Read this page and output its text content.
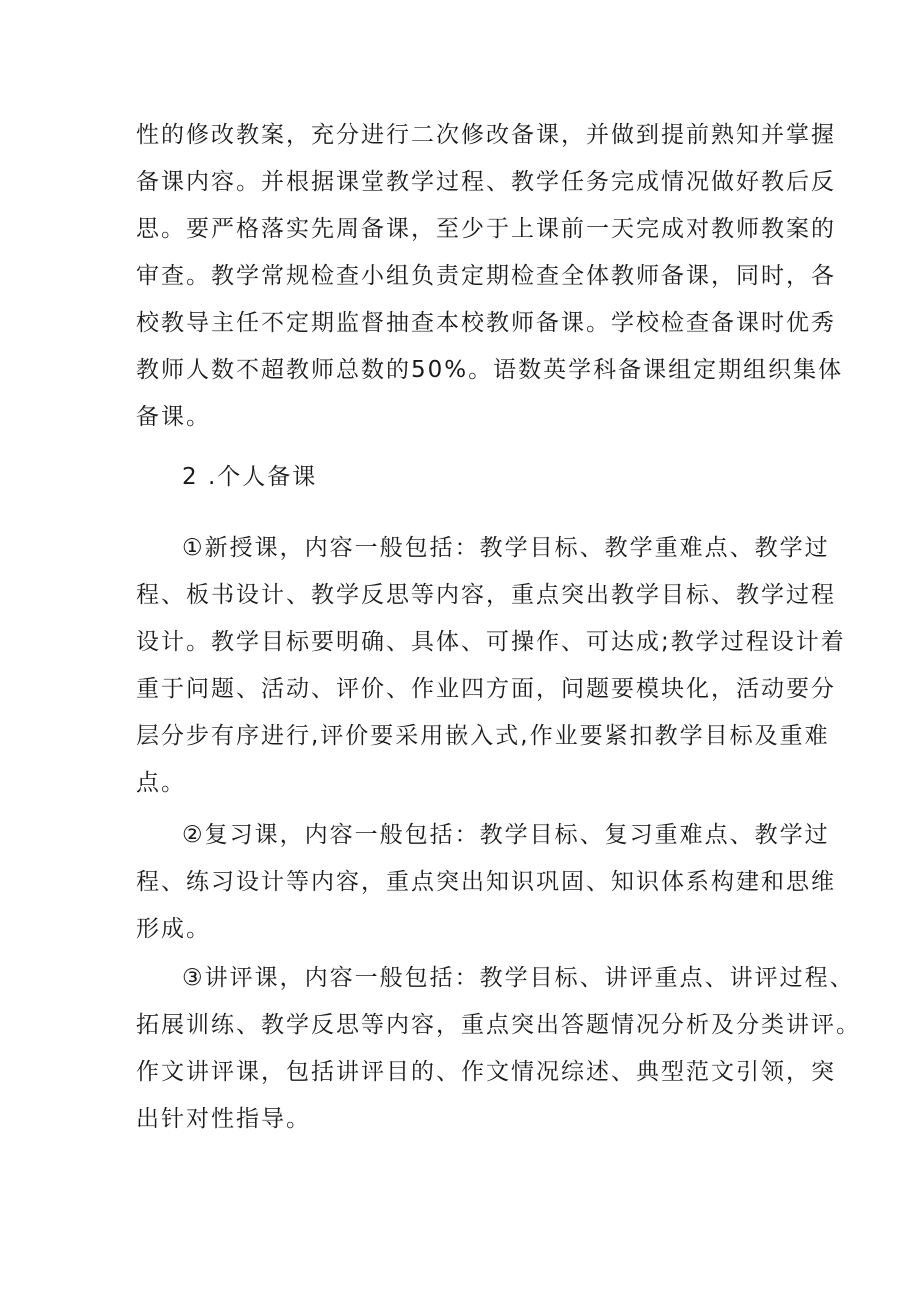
性的修改教案，充分进行二次修改备课，并做到提前熟知并掌握
备课内容。并根据课堂教学过程、教学任务完成情况做好教后反
思。要严格落实先周备课，至少于上课前一天完成对教师教案的
审查。教学常规检查小组负责定期检查全体教师备课，同时，各
校教导主任不定期监督抽查本校教师备课。学校检查备课时优秀
教师人数不超教师总数的50%。语数英学科备课组定期组织集体
备课。
2 .个人备课
①新授课，内容一般包括：教学目标、教学重难点、教学过
程、板书设计、教学反思等内容，重点突出教学目标、教学过程
设计。教学目标要明确、具体、可操作、可达成;教学过程设计着
重于问题、活动、评价、作业四方面，问题要模块化，活动要分
层分步有序进行,评价要采用嵌入式,作业要紧扣教学目标及重难
点。
②复习课，内容一般包括：教学目标、复习重难点、教学过
程、练习设计等内容，重点突出知识巩固、知识体系构建和思维
形成。
③讲评课，内容一般包括：教学目标、讲评重点、讲评过程、
拓展训练、教学反思等内容，重点突出答题情况分析及分类讲评。
作文讲评课，包括讲评目的、作文情况综述、典型范文引领，突
出针对性指导。
